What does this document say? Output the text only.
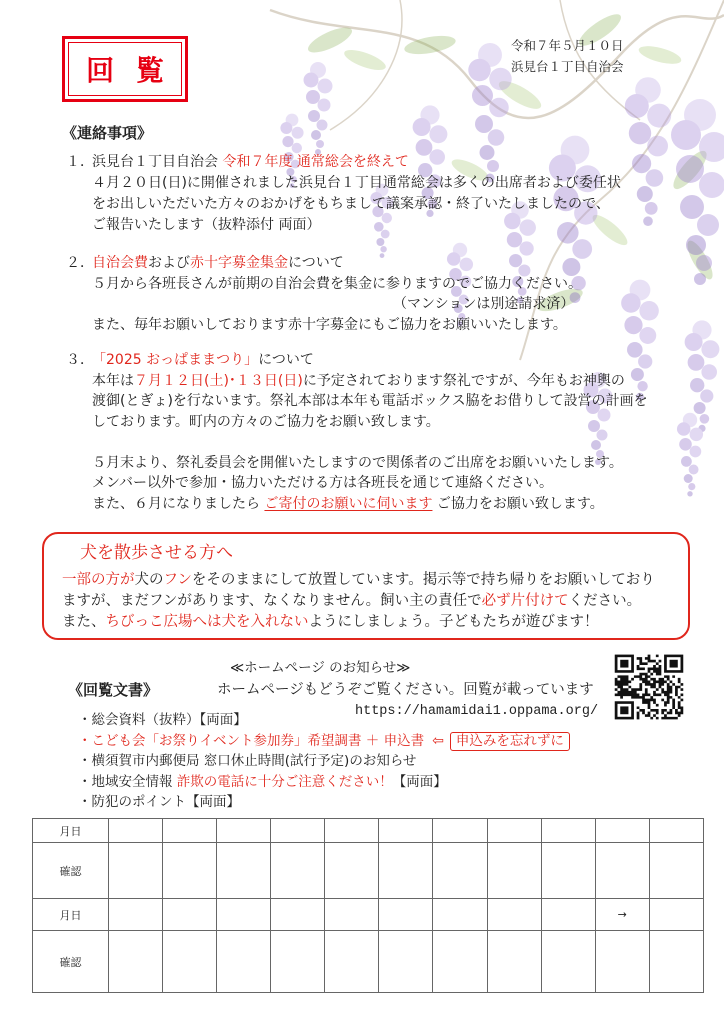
回 覧
令和７年５月１０日
浜見台１丁目自治会
《連絡事項》
１．浜見台１丁目自治会 令和７年度 通常総会を終えて
４月２０日(日)に開催されました浜見台１丁目通常総会は多くの出席者および委任状
をお出しいただいた方々のおかげをもちまして議案承認・終了いたしましたので、
ご報告いたします（抜粋添付 両面）
２．自治会費および赤十字募金集金について
５月から各班長さんが前期の自治会費を集金に参りますのでご協力ください。
（マンションは別途請求済）
また、毎年お願いしております赤十字募金にもご協力をお願いいたします。
３．「2025 おっぱままつり」について
本年は７月１２日(土)･１３日(日)に予定されております祭礼ですが、今年もお神輿の
渡御(とぎょ)を行ないます。祭礼本部は本年も電話ボックス脇をお借りして設営の計画を
しております。町内の方々のご協力をお願い致します。
５月末より、祭礼委員会を開催いたしますので関係者のご出席をお願いいたします。
メンバー以外で参加・協力いただける方は各班長を通じて連絡ください。
また、６月になりましたら ご寄付のお願いに伺います ご協力をお願い致します。
犬を散歩させる方へ
一部の方が犬のフンをそのままにして放置しています。掲示等で持ち帰りをお願いしており
ますが、まだフンがあります、なくなりません。飼い主の責任で必ず片付けてください。
また、ちびっこ広場へは犬を入れないようにしましょう。子どもたちが遊びます！
≪ホームページ のお知らせ≫
ホームページもどうぞご覧ください。回覧が載っています
https://hamamidai1.oppama.org/
《回覧文書》
・総会資料（抜粋）【両面】
・こども会「お祭りイベント参加券」希望調書 ＋ 申込書 ⇦ 申込みを忘れずに
・横須賀市内郵便局 窓口休止時間(試行予定)のお知らせ
・地域安全情報 詐欺の電話に十分ご注意ください！【両面】
・防犯のポイント【両面】
月日											
確認											
月日										→	
確認											
